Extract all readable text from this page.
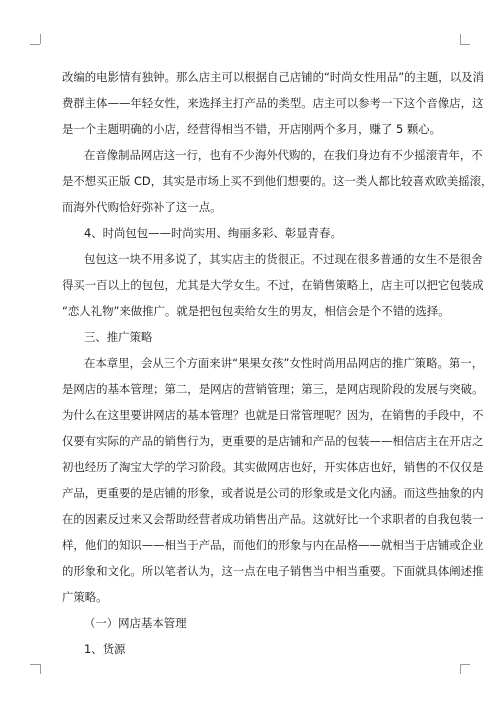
改编的电影情有独钟。那么店主可以根据自己店铺的“时尚女性用品”的主题，以及消
费群主体——年轻女性，来选择主打产品的类型。店主可以参考一下这个音像店，这
是一个主题明确的小店，经营得相当不错，开店刚两个多月，赚了 5 颗心。
在音像制品网店这一行，也有不少海外代购的，在我们身边有不少摇滚青年，不
是不想买正版 CD，其实是市场上买不到他们想要的。这一类人都比较喜欢欧美摇滚，
而海外代购恰好弥补了这一点。
4、时尚包包——时尚实用、绚丽多彩、彰显青春。
包包这一块不用多说了，其实店主的货很正。不过现在很多普通的女生不是很舍
得买一百以上的包包，尤其是大学女生。不过，在销售策略上，店主可以把它包装成
“恋人礼物”来做推广。就是把包包卖给女生的男友，相信会是个不错的选择。
三、推广策略
在本章里，会从三个方面来讲“果果女孩”女性时尚用品网店的推广策略。第一，
是网店的基本管理；第二，是网店的营销管理；第三，是网店现阶段的发展与突破。
为什么在这里要讲网店的基本管理？也就是日常管理呢？因为，在销售的手段中，不
仅要有实际的产品的销售行为，更重要的是店铺和产品的包装——相信店主在开店之
初也经历了淘宝大学的学习阶段。其实做网店也好，开实体店也好，销售的不仅仅是
产品，更重要的是店铺的形象，或者说是公司的形象或是文化内涵。而这些抽象的内
在的因素反过来又会帮助经营者成功销售出产品。这就好比一个求职者的自我包装一
样，他们的知识——相当于产品，而他们的形象与内在品格——就相当于店铺或企业
的形象和文化。所以笔者认为，这一点在电子销售当中相当重要。下面就具体阐述推
广策略。
（一）网店基本管理
1、货源
